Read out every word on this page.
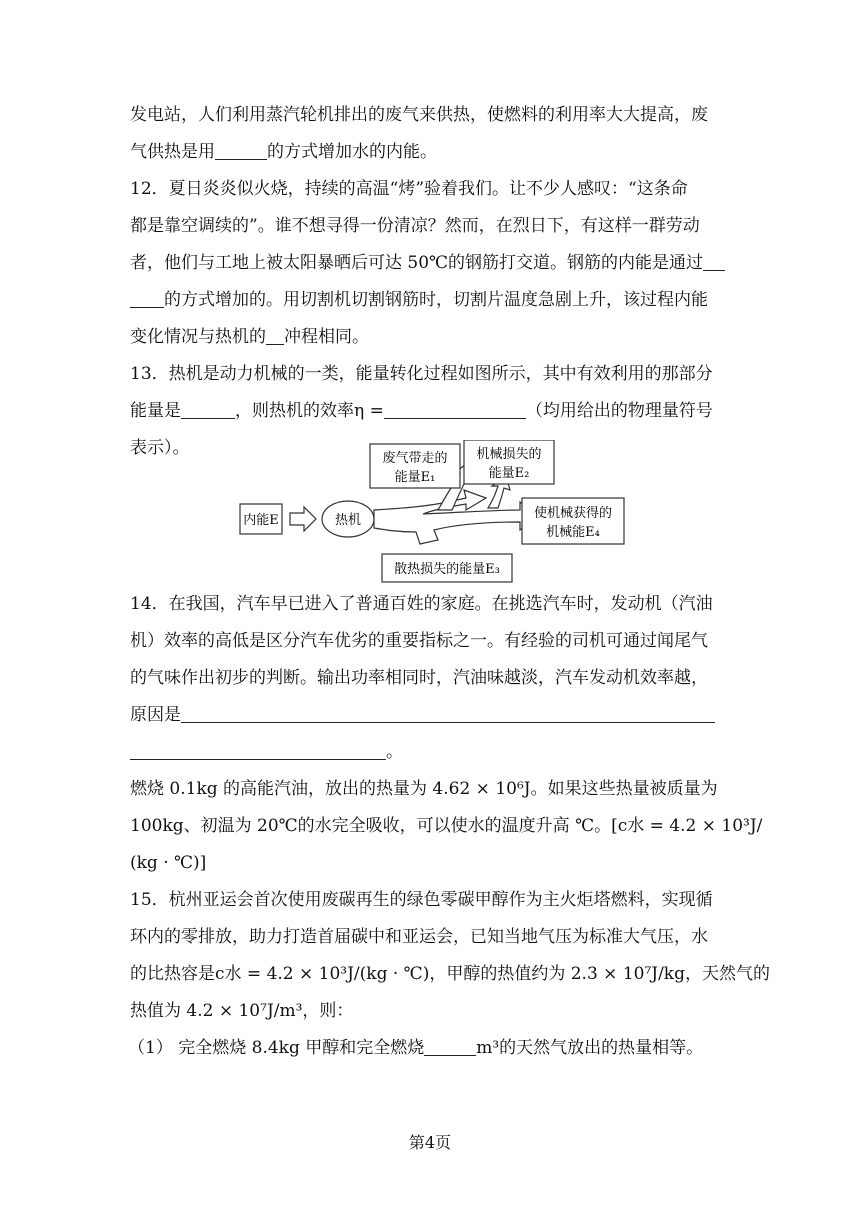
发电站，人们利用蒸汽轮机排出的废气来供热，使燃料的利用率大大提高，废
气供热是用	的方式增加水的内能。
12．夏日炎炎似火烧，持续的高温“烤”验着我们。让不少人感叹：“这条命
都是靠空调续的”。谁不想寻得一份清凉？然而，在烈日下，有这样一群劳动
者，他们与工地上被太阳暴晒后可达 50℃的钢筋打交道。钢筋的内能是通过
的方式增加的。用切割机切割钢筋时，切割片温度急剧上升，该过程内能
变化情况与热机的 冲程相同。
13．热机是动力机械的一类，能量转化过程如图所示，其中有效利用的那部分
能量是	，则热机的效率η =	（均用给出的物理量符号
表示）。
内能E	热机
废气带走的
能量E₁
机械损失的
能量E₂
使机械获得的
机械能E₄
散热损失的能量E₃
14．在我国，汽车早已进入了普通百姓的家庭。在挑选汽车时，发动机（汽油
机）效率的高低是区分汽车优劣的重要指标之一。有经验的司机可通过闻尾气
的气味作出初步的判断。输出功率相同时，汽油味越淡，汽车发动机效率越，
原因是
。
燃烧 0.1kg 的高能汽油，放出的热量为 4.62 × 10⁶J。如果这些热量被质量为
100kg、初温为 20℃的水完全吸收，可以使水的温度升高 ℃。[c水 = 4.2 × 10³J/
(kg · ℃)]
15．杭州亚运会首次使用废碳再生的绿色零碳甲醇作为主火炬塔燃料，实现循
环内的零排放，助力打造首届碳中和亚运会，已知当地气压为标准大气压，水
的比热容是c水 = 4.2 × 10³J/(kg · ℃)，甲醇的热值约为 2.3 × 10⁷J/kg，天然气的
热值为 4.2 × 10⁷J/m³，则：
（1） 完全燃烧 8.4kg 甲醇和完全燃烧	m³的天然气放出的热量相等。
第4页
